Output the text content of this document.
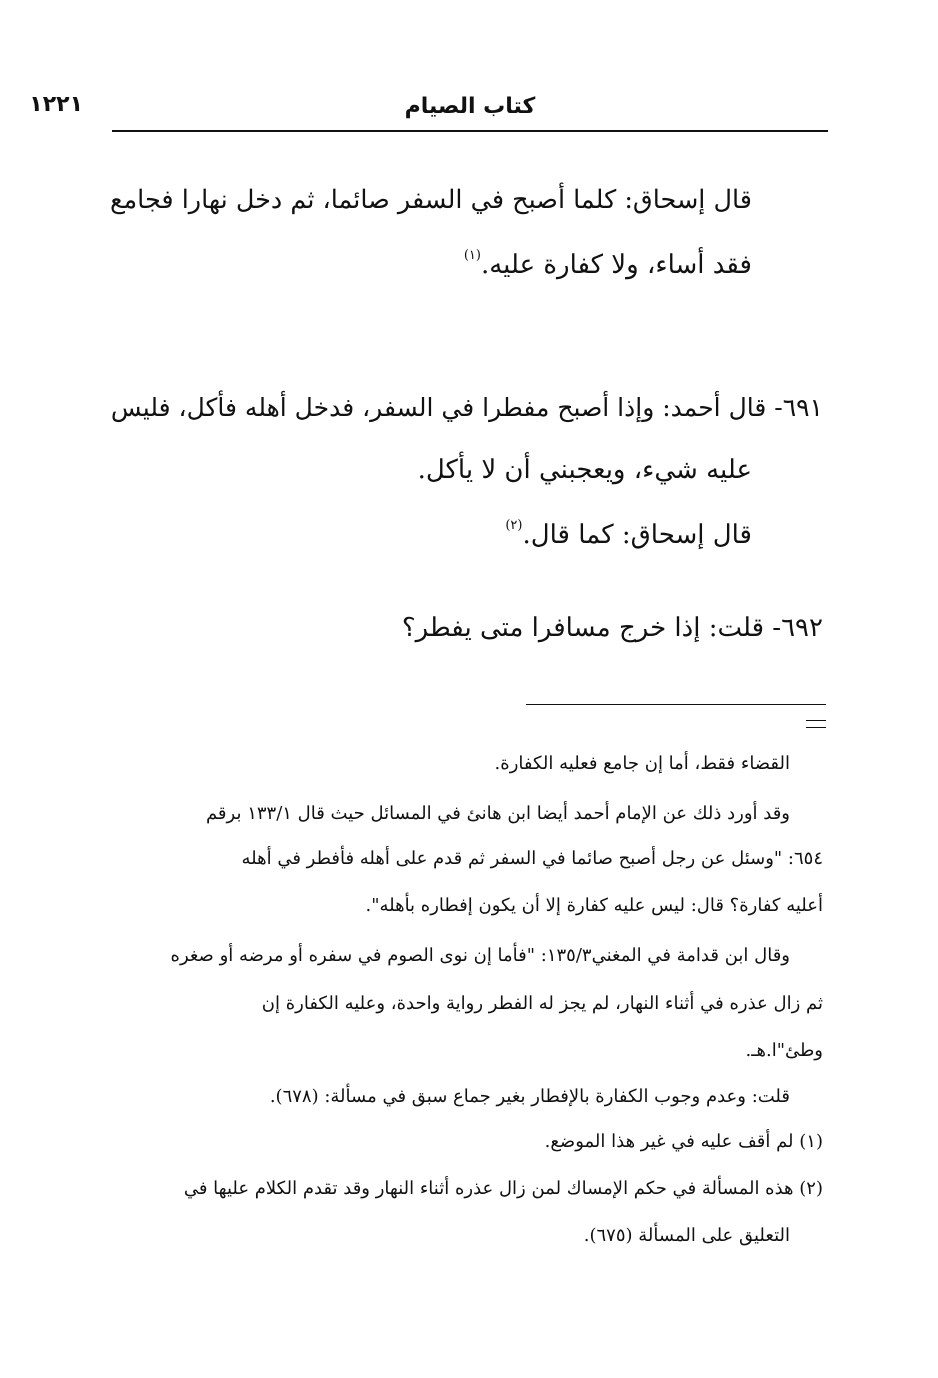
كتاب الصيام
١٢٢١
قال إسحاق: كلما أصبح في السفر صائما، ثم دخل نهارا فجامع
فقد أساء، ولا كفارة عليه.$^{(١)}$
٦٩١- قال أحمد: وإذا أصبح مفطرا في السفر، فدخل أهله فأكل، فليس
عليه شيء، ويعجبني أن لا يأكل.
قال إسحاق: كما قال.$^{(٢)}$
٦٩٢- قلت: إذا خرج مسافرا متى يفطر؟
القضاء فقط، أما إن جامع فعليه الكفارة.
وقد أورد ذلك عن الإمام أحمد أيضا ابن هانئ في المسائل حيث قال ١٣٣/١ برقم
٦٥٤: "وسئل عن رجل أصبح صائما في السفر ثم قدم على أهله فأفطر في أهله
أعليه كفارة؟ قال: ليس عليه كفارة إلا أن يكون إفطاره بأهله".
وقال ابن قدامة في المغني١٣٥/٣: "فأما إن نوى الصوم في سفره أو مرضه أو صغره
ثم زال عذره في أثناء النهار، لم يجز له الفطر رواية واحدة، وعليه الكفارة إن
وطئ"ا.هـ.
قلت: وعدم وجوب الكفارة بالإفطار بغير جماع سبق في مسألة: (٦٧٨).
(١) لم أقف عليه في غير هذا الموضع.
(٢) هذه المسألة في حكم الإمساك لمن زال عذره أثناء النهار وقد تقدم الكلام عليها في
التعليق على المسألة (٦٧٥).
